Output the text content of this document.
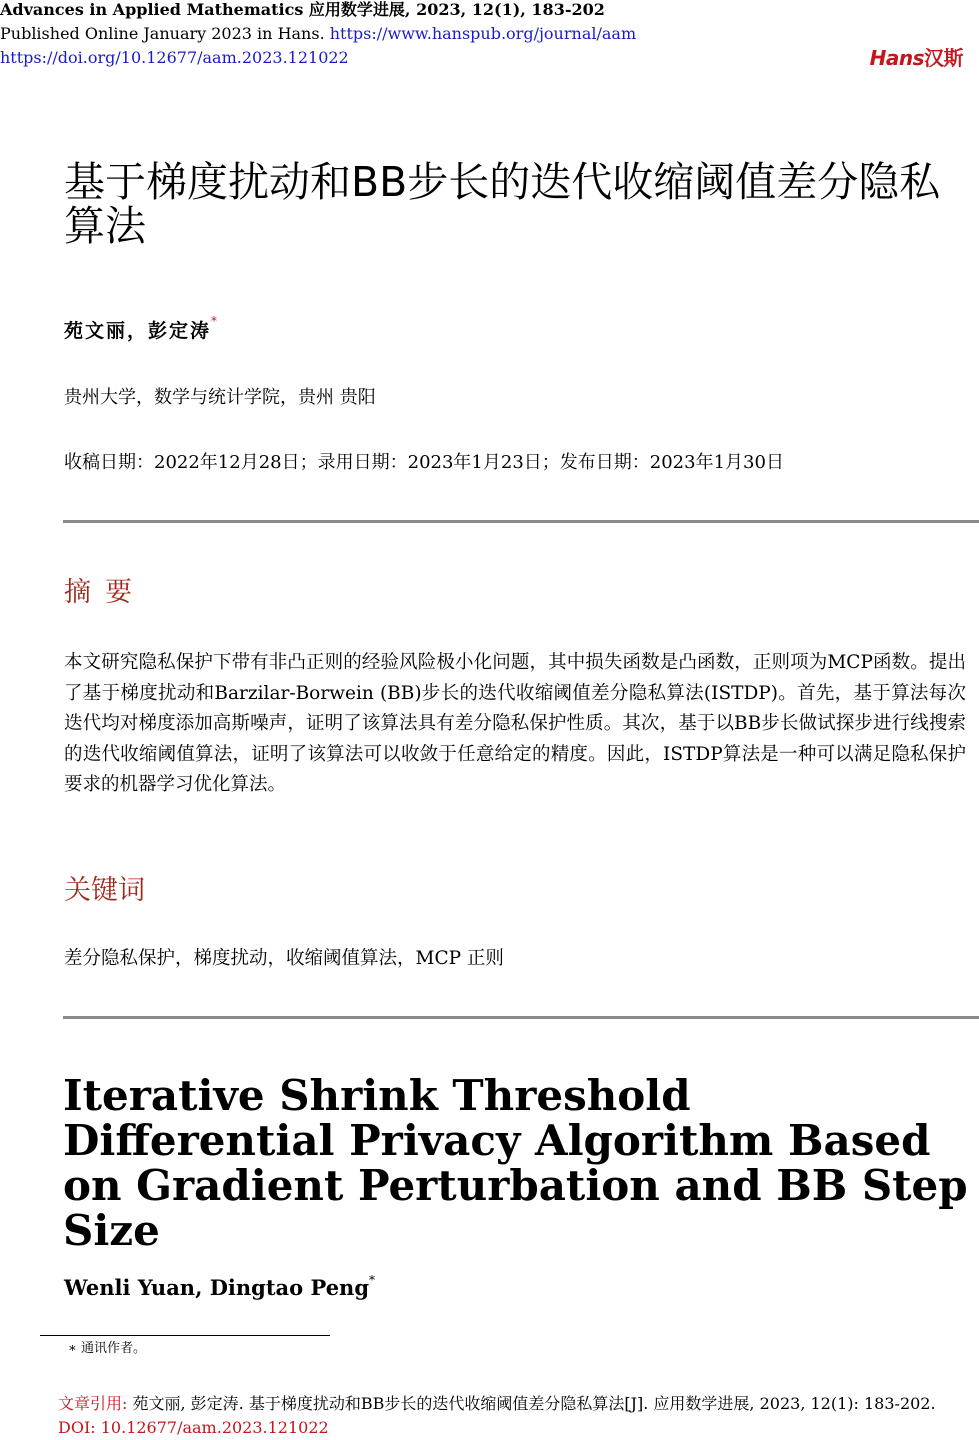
Advances in Applied Mathematics 应用数学进展, 2023, 12(1), 183-202
Published Online January 2023 in Hans. https://www.hanspub.org/journal/aam
https://doi.org/10.12677/aam.2023.121022	Hans汉斯
基于梯度扰动和BB步长的迭代收缩阈值差分隐私算法
苑文丽，彭定涛*
贵州大学，数学与统计学院，贵州 贵阳
收稿日期：2022年12月28日；录用日期：2023年1月23日；发布日期：2023年1月30日
摘要
本文研究隐私保护下带有非凸正则的经验风险极小化问题，其中损失函数是凸函数，正则项为MCP函数。提出了基于梯度扰动和Barzilar-Borwein (BB)步长的迭代收缩阈值差分隐私算法(ISTDP)。首先，基于算法每次迭代均对梯度添加高斯噪声，证明了该算法具有差分隐私保护性质。其次，基于以BB步长做试探步进行线搜索的迭代收缩阈值算法，证明了该算法可以收敛于任意给定的精度。因此，ISTDP算法是一种可以满足隐私保护要求的机器学习优化算法。
关键词
差分隐私保护，梯度扰动，收缩阈值算法，MCP 正则
Iterative Shrink Threshold Differential Privacy Algorithm Based on Gradient Perturbation and BB Step Size
Wenli Yuan, Dingtao Peng*
∗ 通讯作者。
文章引用: 苑文丽, 彭定涛. 基于梯度扰动和BB步长的迭代收缩阈值差分隐私算法[J]. 应用数学进展, 2023, 12(1): 183-202. DOI: 10.12677/aam.2023.121022
